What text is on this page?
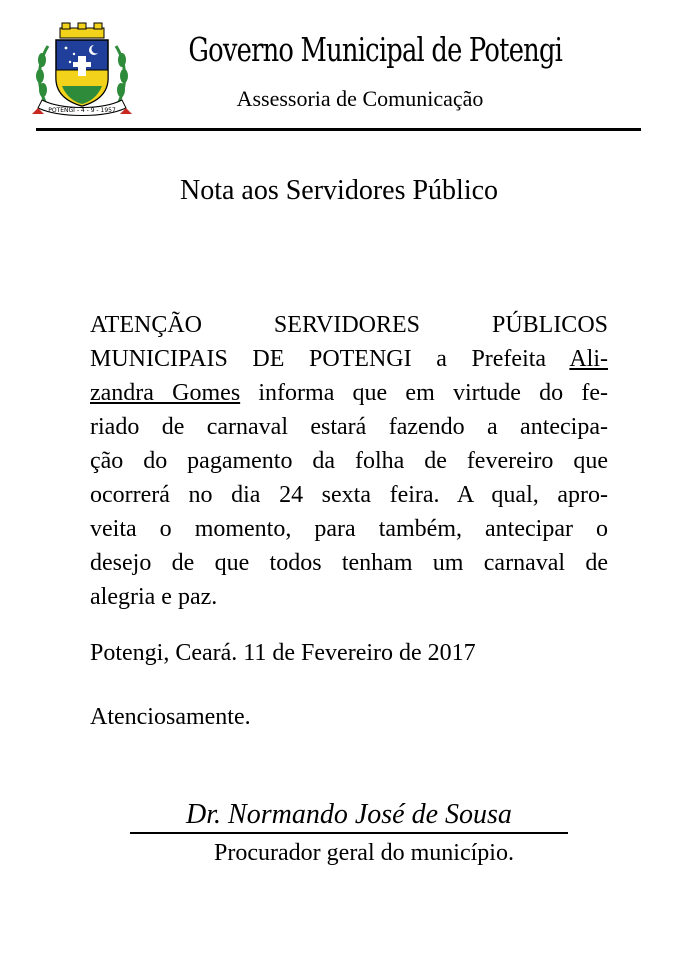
POTENGI - 4 - 9 - 1957
Governo Municipal de Potengi
Assessoria de Comunicação
Nota aos Servidores Público
ATENÇÃO SERVIDORES PÚBLICOS
MUNICIPAIS DE POTENGI a Prefeita Ali-
zandra Gomes informa que em virtude do fe-
riado de carnaval estará fazendo a antecipa-
ção do pagamento da folha de fevereiro que
ocorrerá no dia 24 sexta feira. A qual, apro-
veita o momento, para também, antecipar o
desejo de que todos tenham um carnaval de
alegria e paz.
Potengi, Ceará. 11 de Fevereiro de 2017
Atenciosamente.
Dr. Normando José de Sousa
Procurador geral do município.
